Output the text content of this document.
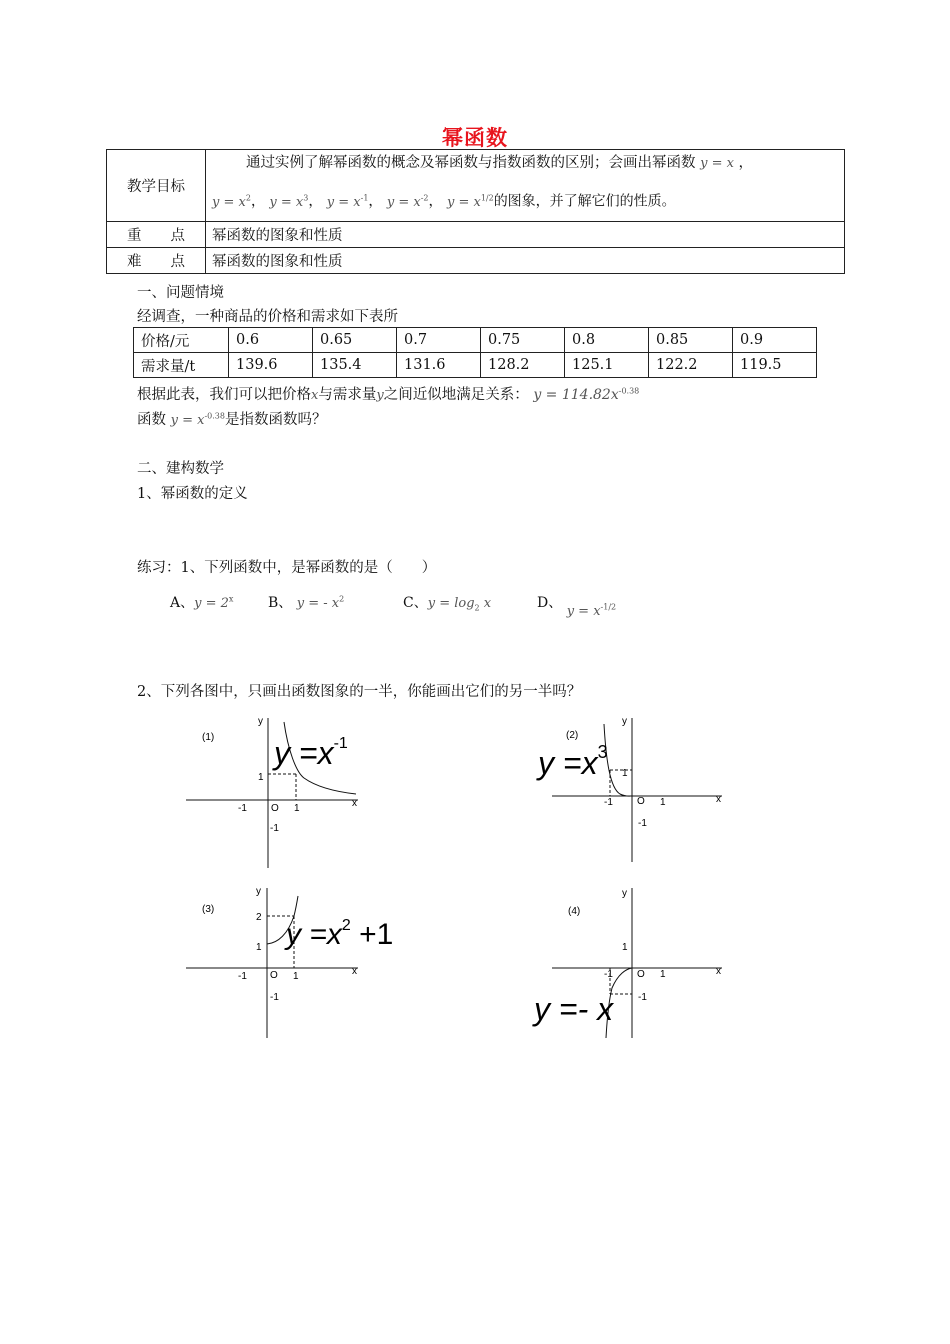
幂函数
教学目标	通过实例了解幂函数的概念及幂函数与指数函数的区别；会画出幂函数 y = x ，
$y = x^2$， $y = x^3$， $y = x^{-1}$， $y = x^{-2}$， $y = x^{1/2}$的图象，并了解它们的性质。

重　　点	幂函数的图象和性质
难　　点	幂函数的图象和性质
一、问题情境
经调查，一种商品的价格和需求如下表所
价格/元	0.6	0.65	0.7	0.75	0.8	0.85	0.9
需求量/t	139.6	135.4	131.6	128.2	125.1	122.2	119.5
根据此表，我们可以把价格x与需求量y之间近似地满足关系： $y = 114.82x^{-0.38}$
函数 $y = x^{-0.38}$是指数函数吗？
二、建构数学
1、幂函数的定义
练习：1、下列函数中，是幂函数的是（　　）
A、$y = 2^x$ B、 y = - $x^2$	C、$y = \log_2 x$	D、 $y = x^{-1/2}$
2、下列各图中，只画出函数图象的一半，你能画出它们的另一半吗？
(1)
y
x
O
-1	1
1
-1
$y =x^{-1}$	(2)
y
x
O
-1	1
1
-1
$y =x^3$
(3)
y
x
O
-1	1
2
1
-1
$y =x^2 +1$
(4)
y
x
O
-1	1
1
-1
y =- x
